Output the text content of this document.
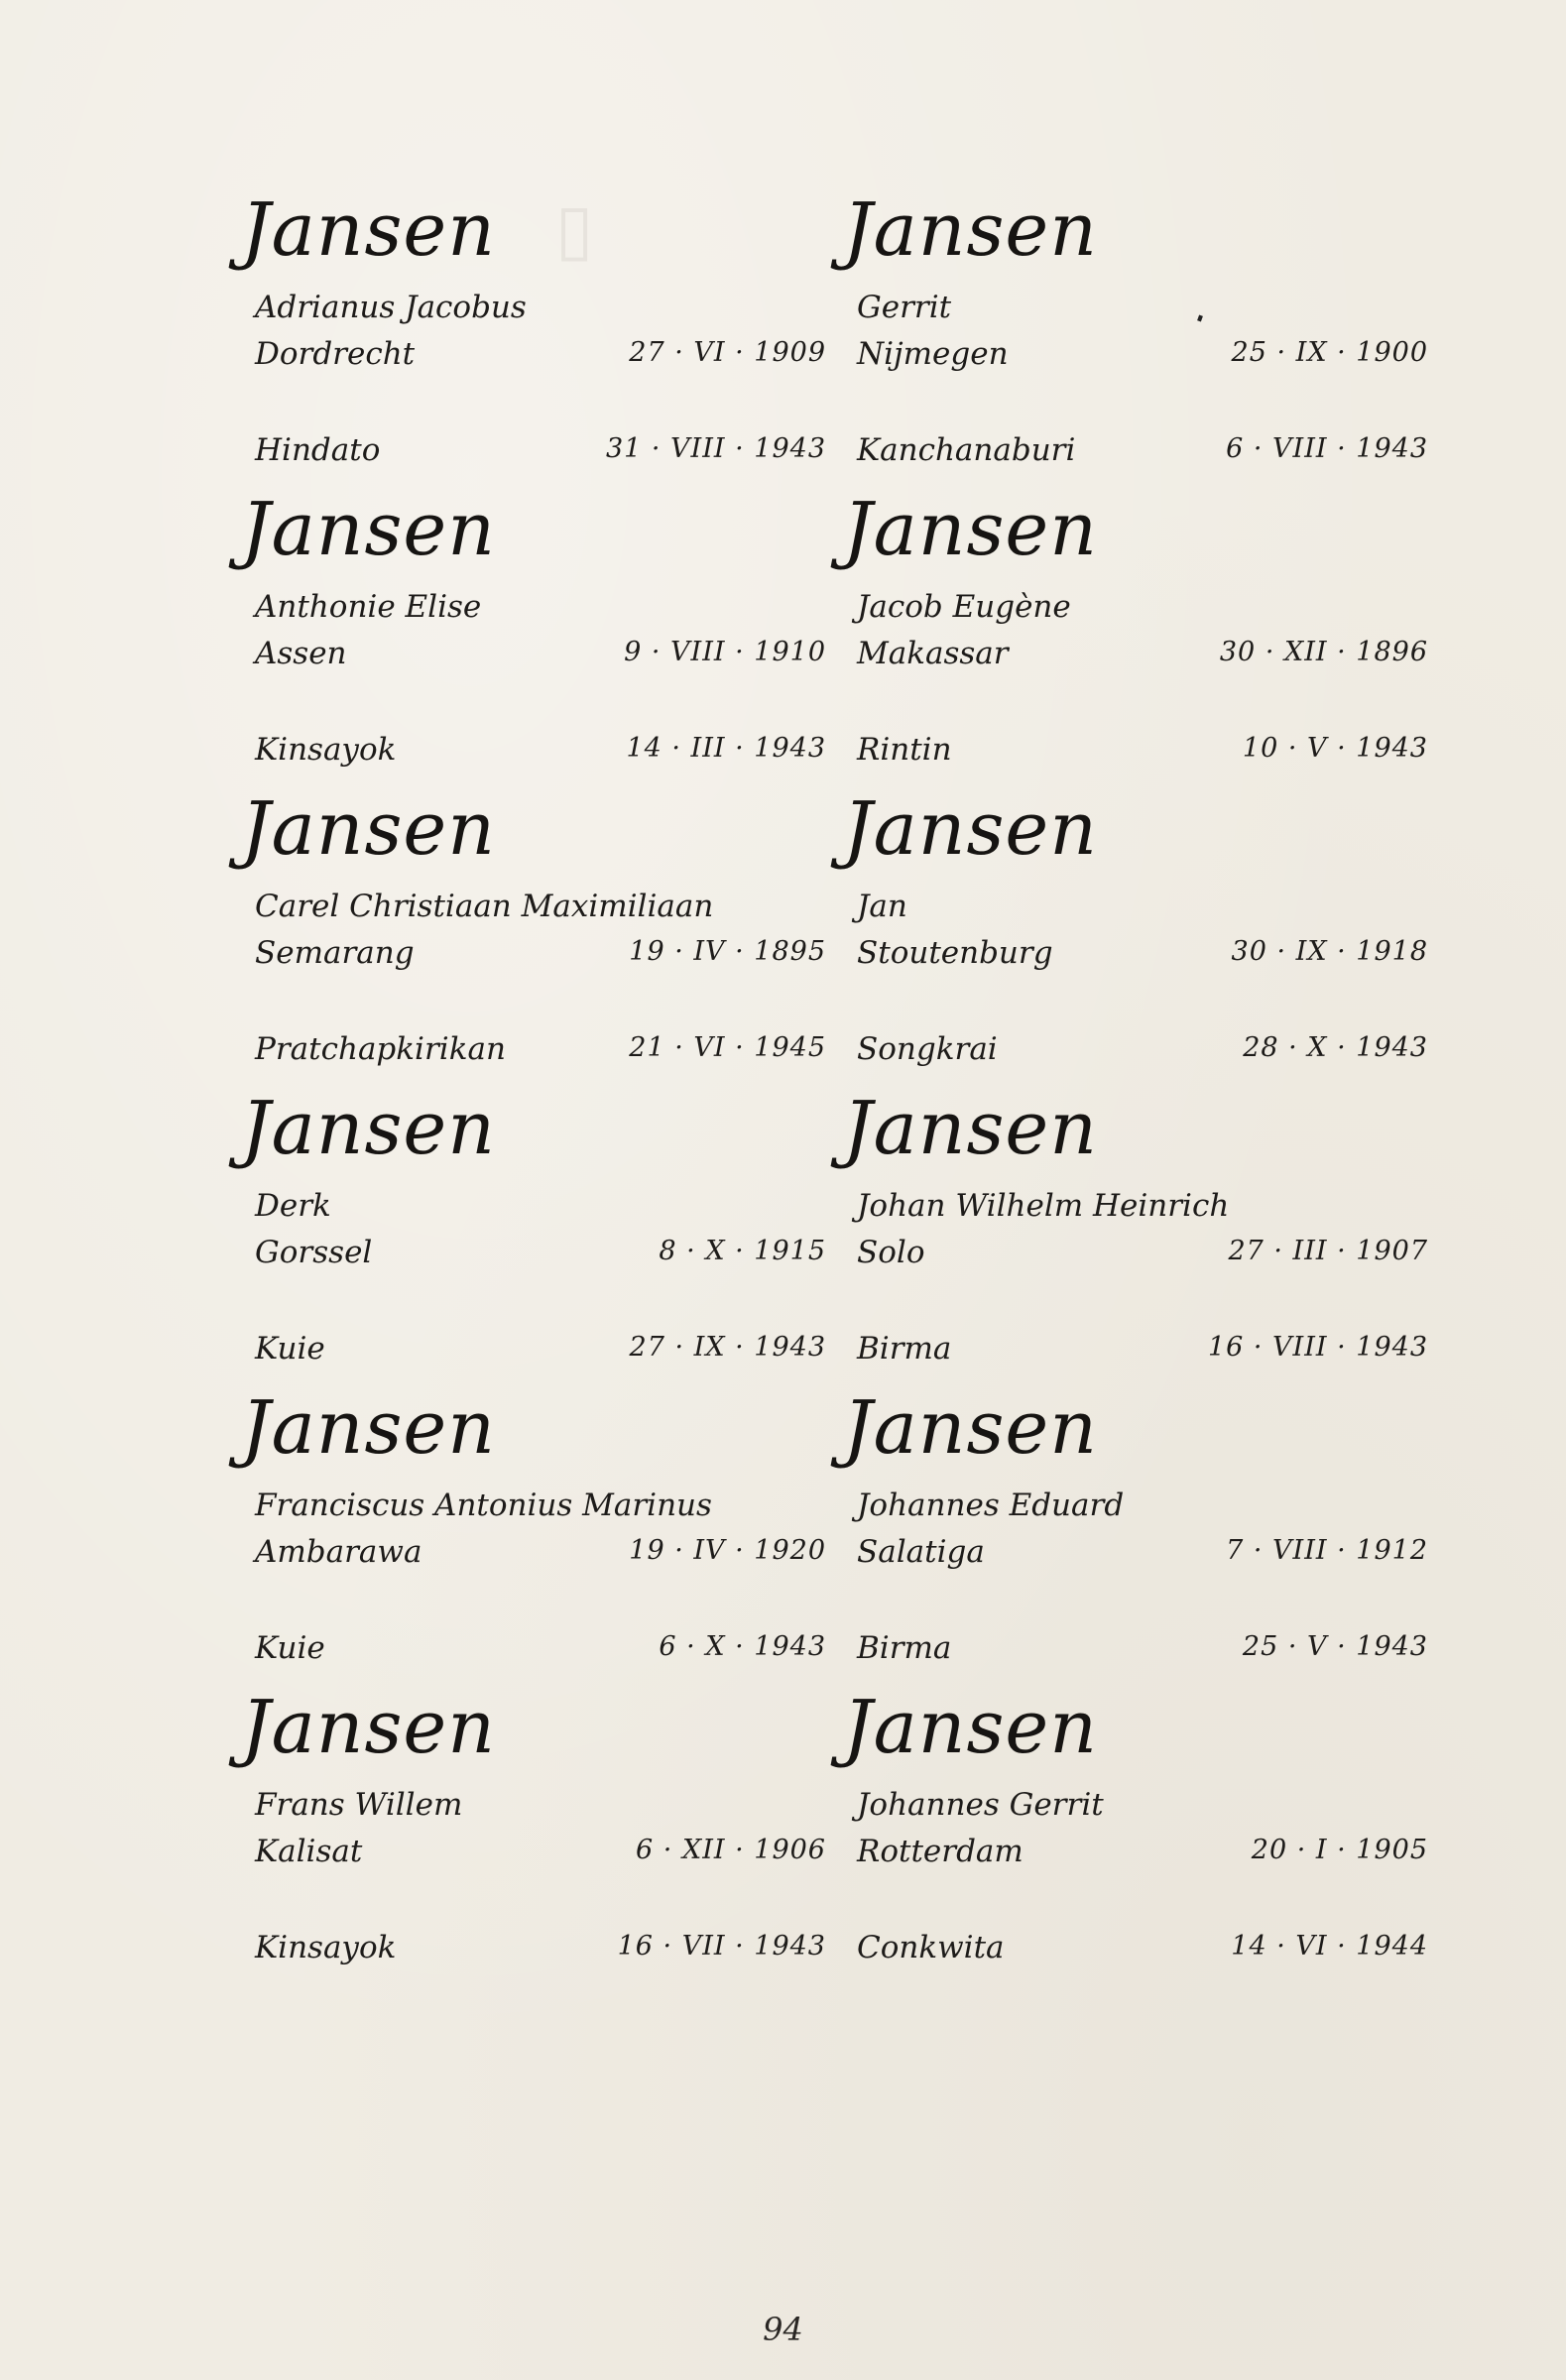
▯
Jansen
Adrianus Jacobus
Dordrecht	27 · VI · 1909
Hindato	31 · VIII · 1943
Jansen
Anthonie Elise
Assen	9 · VIII · 1910
Kinsayok	14 · III · 1943
Jansen
Carel Christiaan Maximiliaan
Semarang	19 · IV · 1895
Pratchapkirikan	21 · VI · 1945
Jansen
Derk
Gorssel	8 · X · 1915
Kuie	27 · IX · 1943
Jansen
Franciscus Antonius Marinus
Ambarawa	19 · IV · 1920
Kuie	6 · X · 1943
Jansen
Frans Willem
Kalisat	6 · XII · 1906
Kinsayok	16 · VII · 1943
Jansen
Gerrit
Nijmegen	25 · IX · 1900
Kanchanaburi	6 · VIII · 1943
Jansen
Jacob Eugène
Makassar	30 · XII · 1896
Rintin	10 · V · 1943
Jansen
Jan
Stoutenburg	30 · IX · 1918
Songkrai	28 · X · 1943
Jansen
Johan Wilhelm Heinrich
Solo	27 · III · 1907
Birma	16 · VIII · 1943
Jansen
Johannes Eduard
Salatiga	7 · VIII · 1912
Birma	25 · V · 1943
Jansen
Johannes Gerrit
Rotterdam	20 · I · 1905
Conkwita	14 · VI · 1944
94
